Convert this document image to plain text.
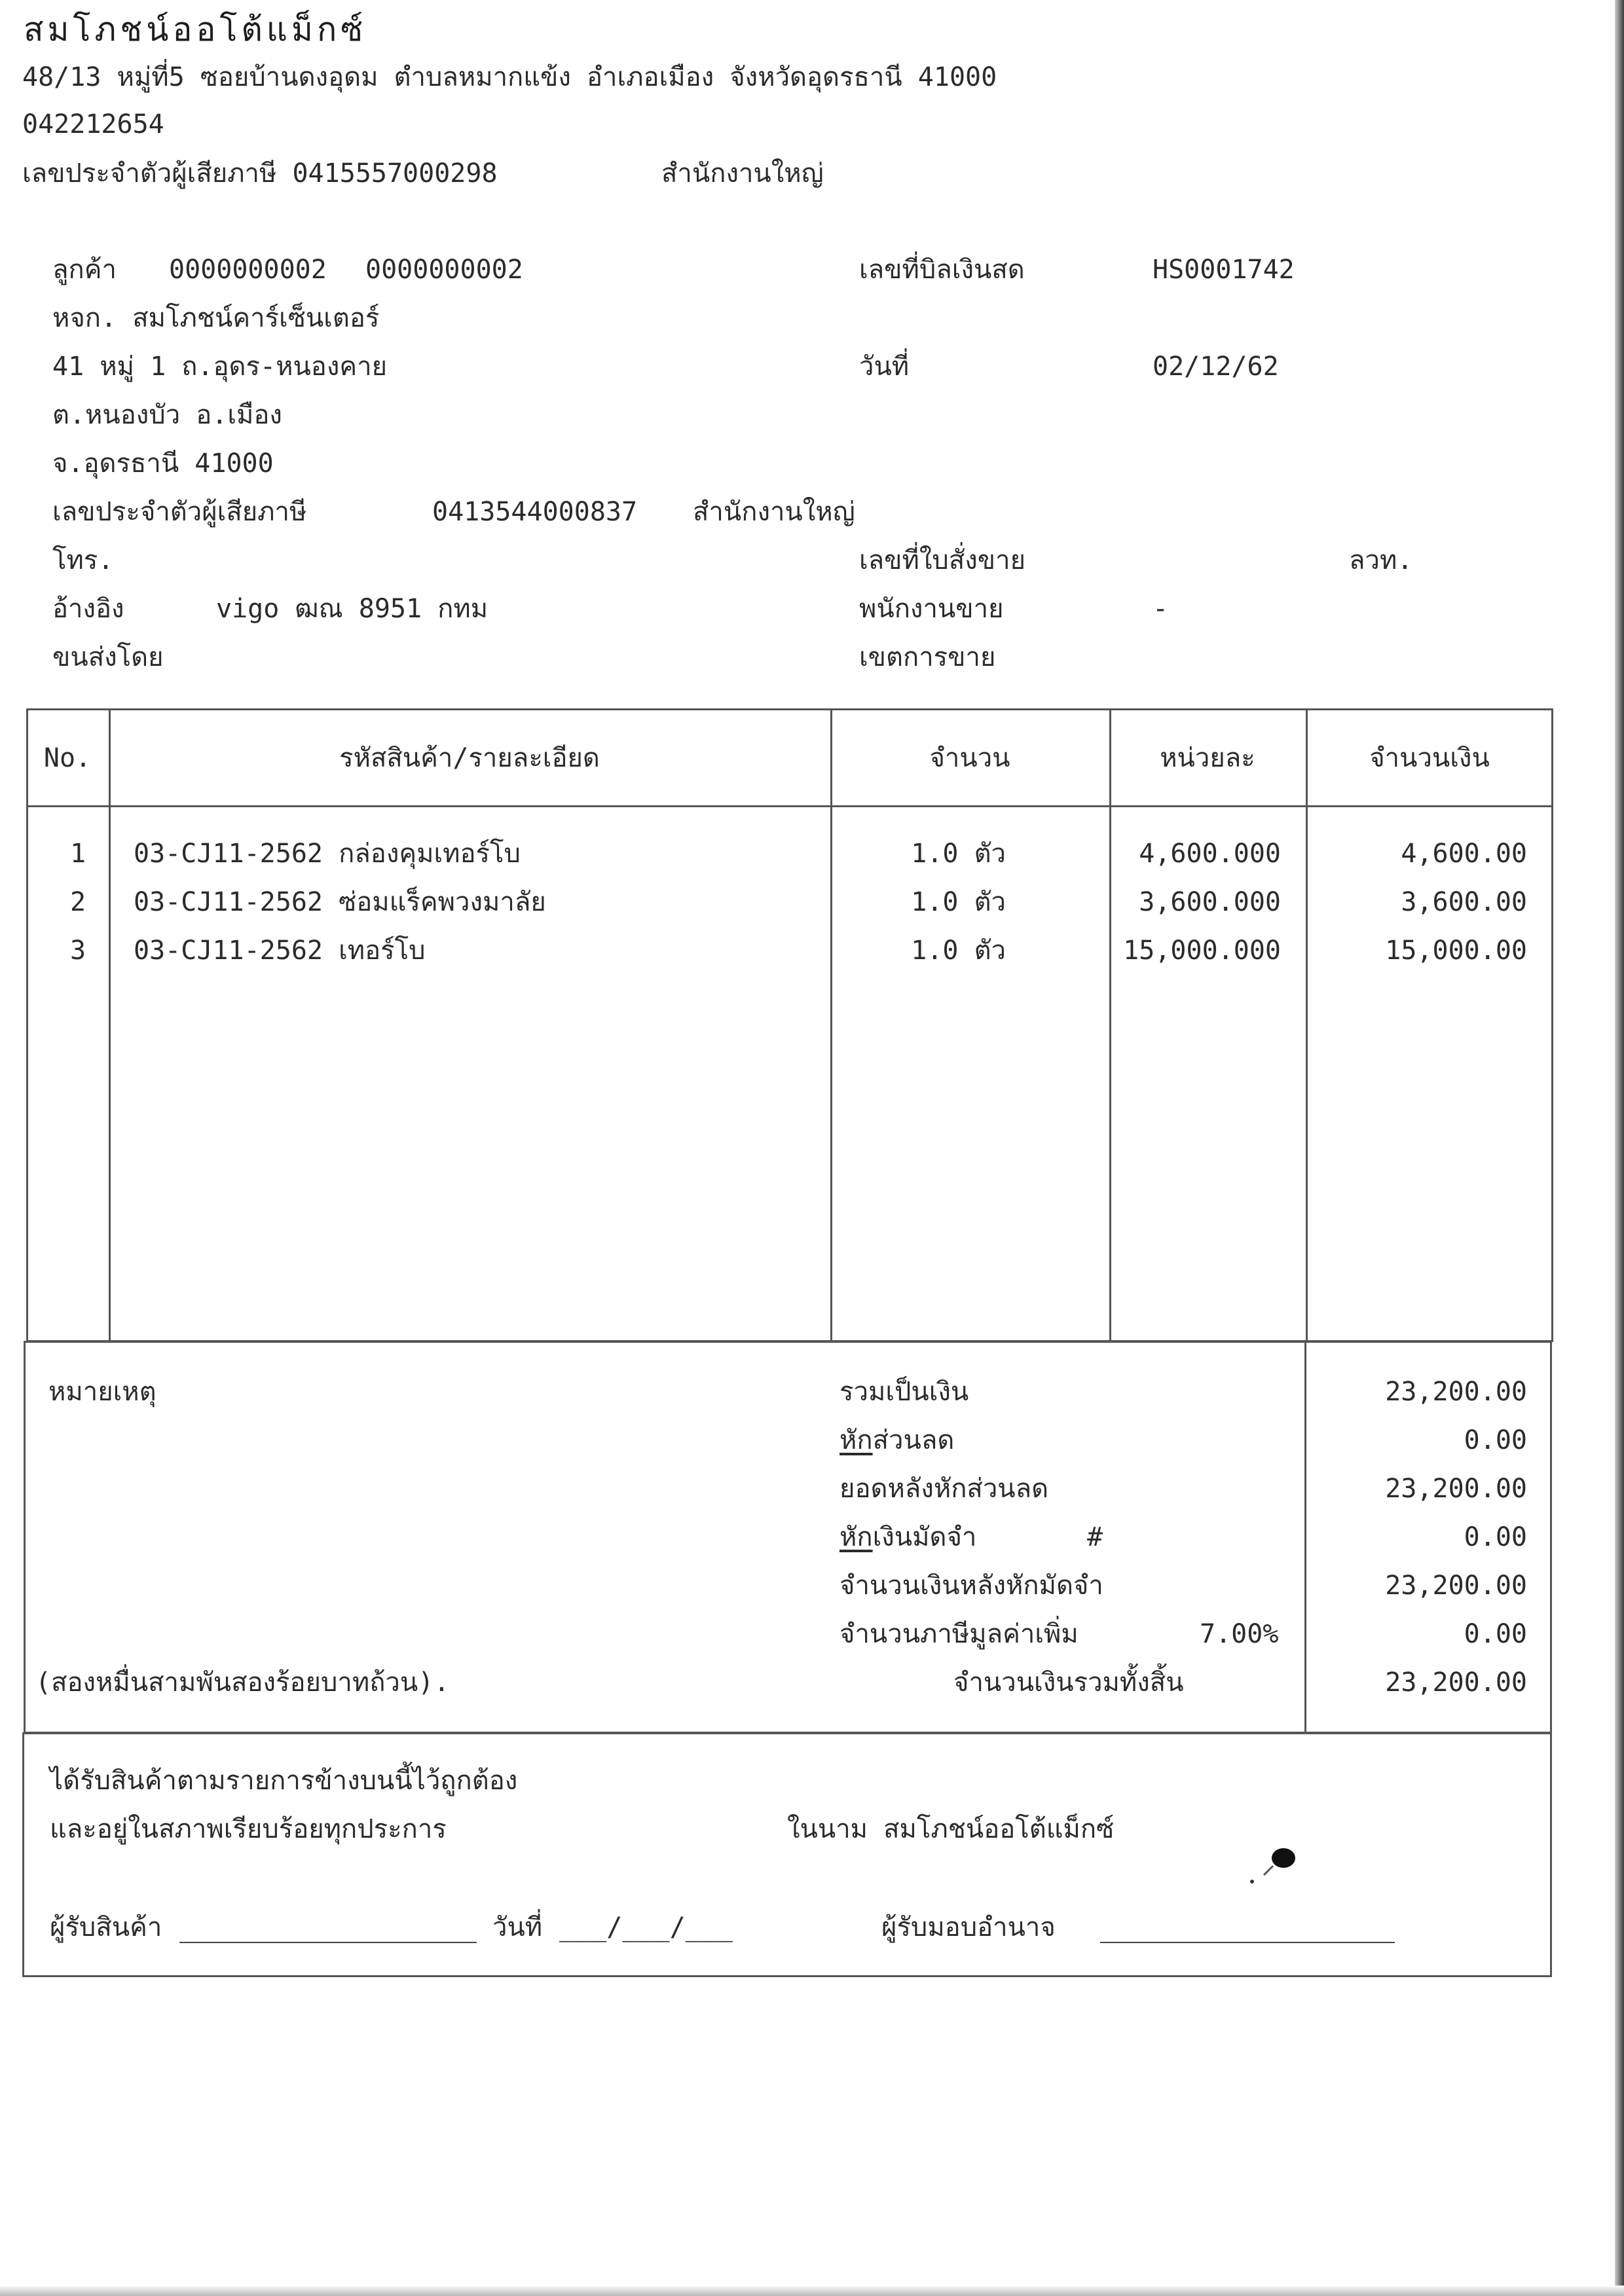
สมโภชน์ออโต้แม็กซ์
48/13 หมู่ที่5 ซอยบ้านดงอุดม ตำบลหมากแข้ง อำเภอเมือง จังหวัดอุดรธานี 41000
042212654
เลขประจำตัวผู้เสียภาษี 0415557000298	สำนักงานใหญ่
ลูกค้า 0000000002 0000000002
หจก. สมโภชน์คาร์เซ็นเตอร์
41 หมู่ 1 ถ.อุดร-หนองคาย
ต.หนองบัว อ.เมือง
จ.อุดรธานี 41000
เลขประจำตัวผู้เสียภาษี	0413544000837 สำนักงานใหญ่
โทร.
อ้างอิง	vigo ฒณ 8951 กทม
ขนส่งโดย
เลขที่บิลเงินสด	HS0001742
วันที่	02/12/62
เลขที่ใบสั่งขาย	ลวท.
พนักงานขาย	-
เขตการขาย
No.	รหัสสินค้า/รายละเอียด	จำนวน	หน่วยละ	จำนวนเงิน
1	03-CJ11-2562 กล่องคุมเทอร์โบ	1.0 ตัว	4,600.000	4,600.00
2	03-CJ11-2562 ซ่อมแร็คพวงมาลัย	1.0 ตัว	3,600.000	3,600.00
3	03-CJ11-2562 เทอร์โบ	1.0 ตัว	15,000.000	15,000.00
หมายเหตุ	รวมเป็นเงิน	23,200.00
หักส่วนลด	0.00
ยอดหลังหักส่วนลด	23,200.00
หักเงินมัดจำ	#	0.00
จำนวนเงินหลังหักมัดจำ	23,200.00
จำนวนภาษีมูลค่าเพิ่ม	7.00%	0.00
(สองหมื่นสามพันสองร้อยบาทถ้วน).	จำนวนเงินรวมทั้งสิ้น	23,200.00
ได้รับสินค้าตามรายการข้างบนนี้ไว้ถูกต้อง
และอยู่ในสภาพเรียบร้อยทุกประการ	ในนาม สมโภชน์ออโต้แม็กซ์
ผู้รับสินค้า	วันที่ ___/___/___	ผู้รับมอบอำนาจ
